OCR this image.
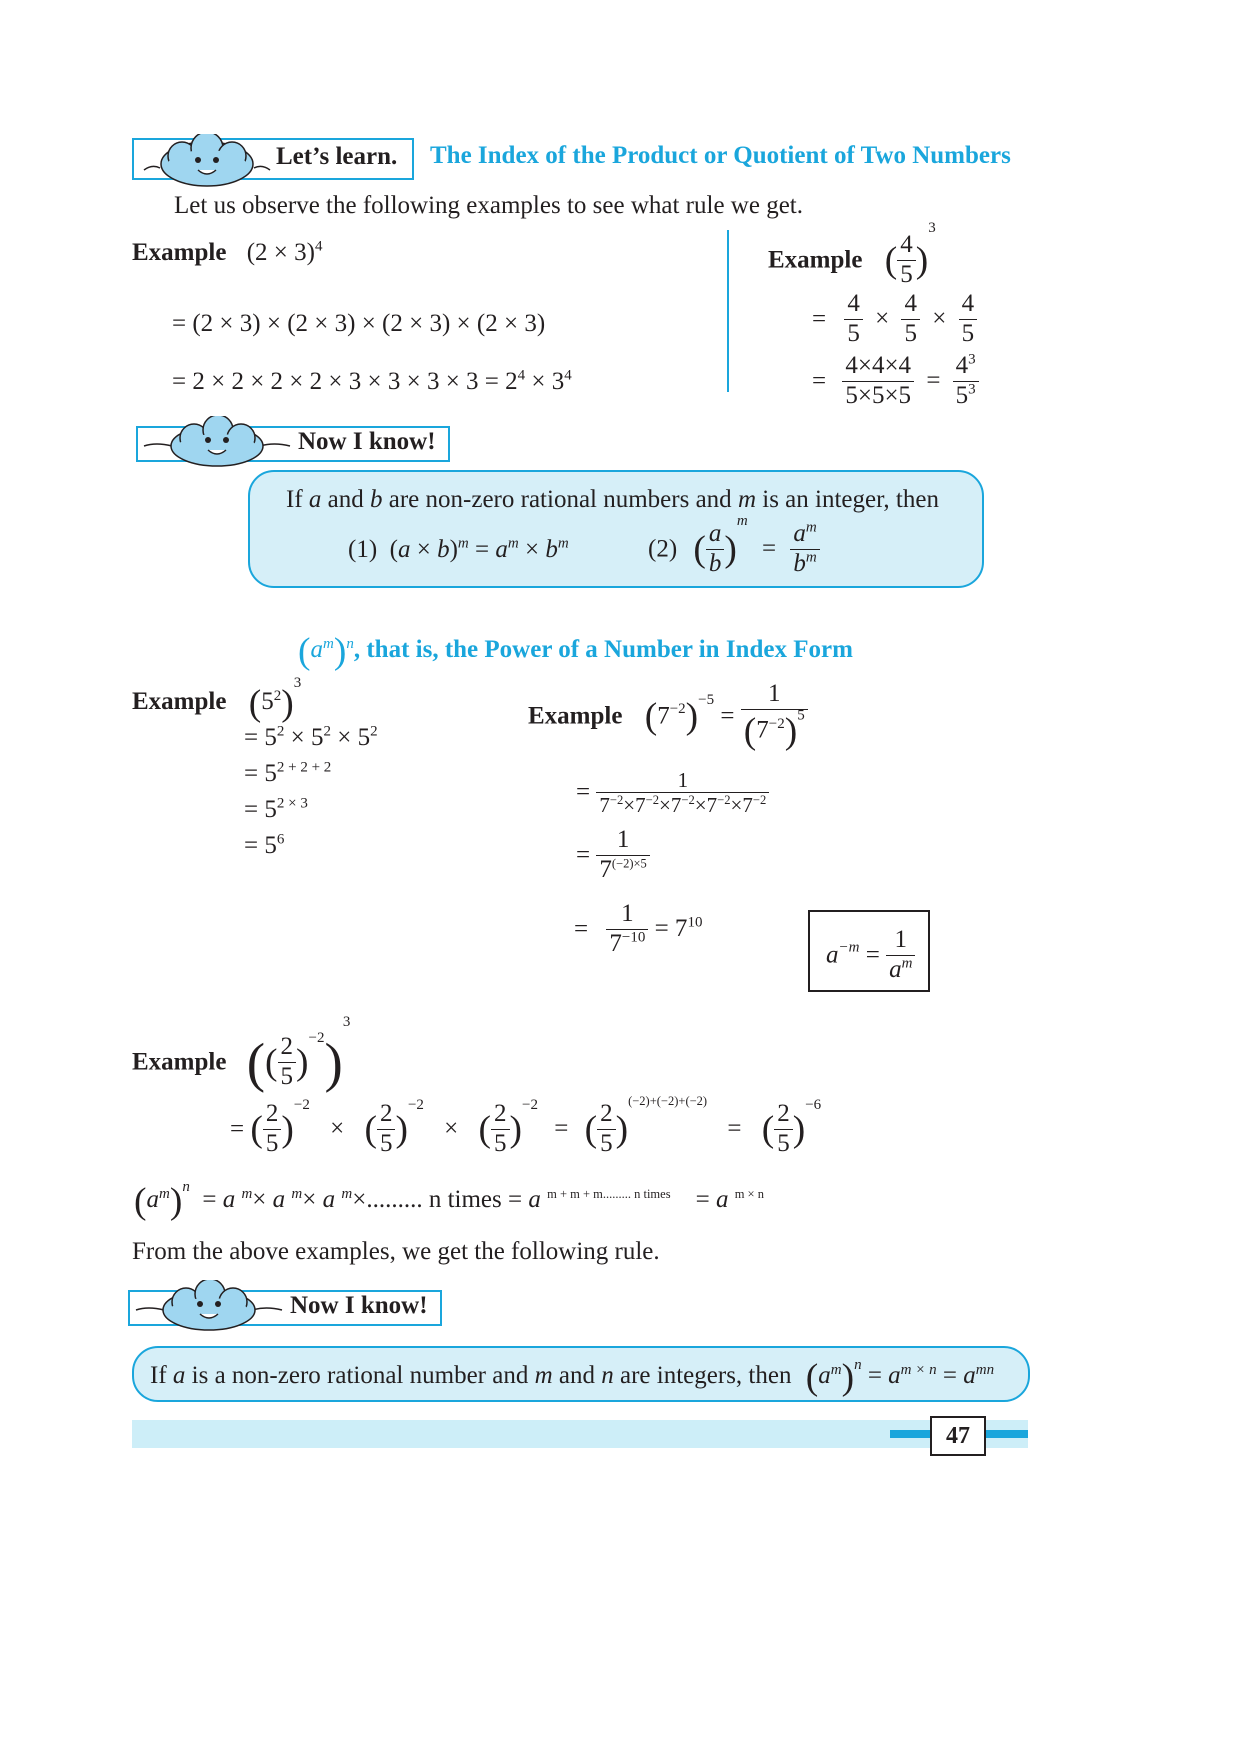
Let’s learn. The Index of the Product or Quotient of Two Numbers
Let us observe the following examples to see what rule we get.
Example $(2 \times 3)^4$
= (2 × 3) × (2 × 3) × (2 × 3) × (2 × 3)
= $2 \times 2 \times 2 \times 2 \times 3 \times 3 \times 3 \times 3 = 2^4 \times 3^4$
Example ( $\frac{4}{5} )^3$
= $\frac{4}{5} \times \frac{4}{5} \times \frac{4}{5}$
= $\frac{4\times 4\times 4}{5\times 5\times 5} = \frac{4^3}{5^3}$
Now I know!
If a and b are non-zero rational numbers and m is an integer, then
(1)  $(a \times b)^m = a^m \times b^m$	(2) ( $\frac{a}{b} )^m = \frac{a^m}{b^m}$
$(a^m)^n$, that is, the Power of a Number in Index Form
Example $(5^2)^3$
= $5^2 \times 5^2 \times 5^2$
= $5^{2 + 2 + 2}$
= $5^{2 \times 3}$
= $5^6$
Example $(7^{-2})^{-5} = \frac{1}{(7^{-2})^5}$
= $\frac{1}{7^{-2}\times 7^{-2}\times 7^{-2}\times 7^{-2}\times 7^{-2}}$
= $\frac{1}{7^{(-2)\times 5}}$
= $\frac{1}{7^{-10}} = 7^{10}$
$a^{-m} = \frac{1}{a^m}$
Example (( $\frac{2}{5} )^{-2})^3$
= ( $\frac{2}{5} )^{-2}$ × ( $\frac{2}{5} )^{-2}$ × ( $\frac{2}{5} )^{-2}$ = ( $\frac{2}{5} )^{(-2)+(-2)+(-2)}$ = ( $\frac{2}{5} )^{-6}$
$(a^m)^n = a$ $^m$× a $^m$× a $^m$×......... n times = a $^{m + m + m......... n times}$    = a $^{m \times n}$
From the above examples, we get the following rule.
Now I know!
If a is a non-zero rational number and m and n are integers, then $(a^m)^n = a^{m \times n} = a^{mn}$
47
